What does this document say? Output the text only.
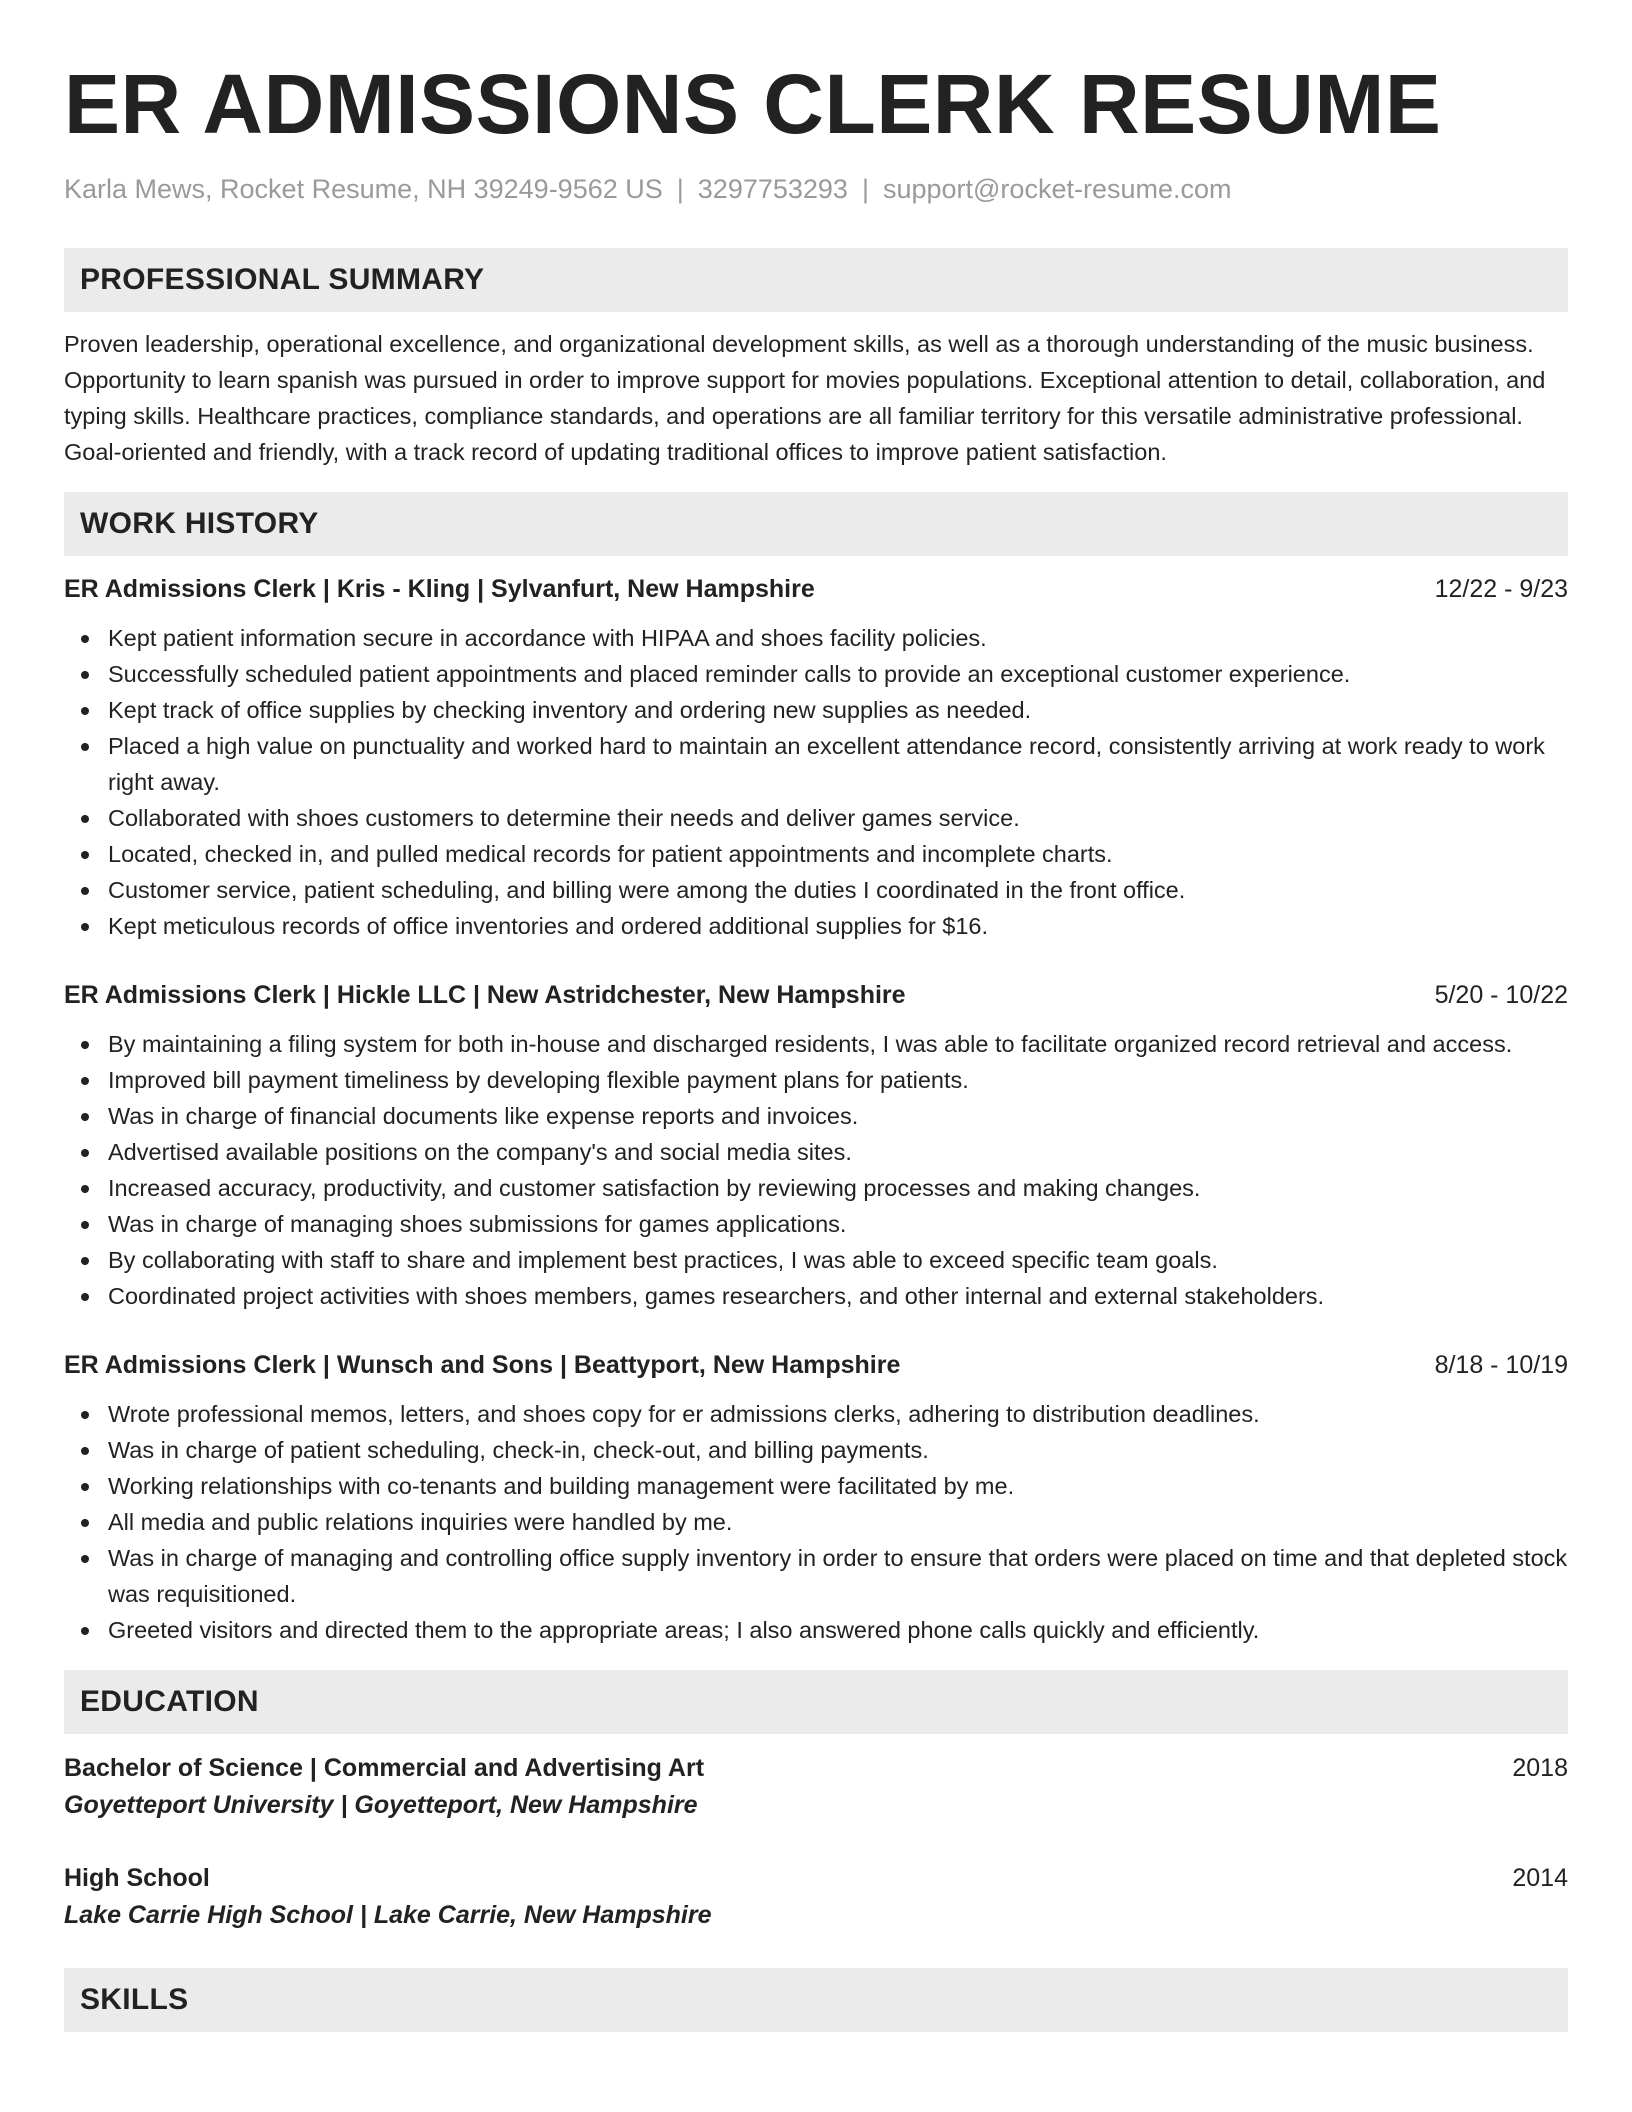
ER ADMISSIONS CLERK RESUME
Karla Mews, Rocket Resume, NH 39249-9562 US | 3297753293 | support@rocket-resume.com
PROFESSIONAL SUMMARY

Proven leadership, operational excellence, and organizational development skills, as well as a thorough understanding of the music business. Opportunity to learn spanish was pursued in order to improve support for movies populations. Exceptional attention to detail, collaboration, and typing skills. Healthcare practices, compliance standards, and operations are all familiar territory for this versatile administrative professional. Goal-oriented and friendly, with a track record of updating traditional offices to improve patient satisfaction.

WORK HISTORY
ER Admissions Clerk | Kris - Kling | Sylvanfurt, New Hampshire	12/22 - 9/23
Kept patient information secure in accordance with HIPAA and shoes facility policies.
Successfully scheduled patient appointments and placed reminder calls to provide an exceptional customer experience.
Kept track of office supplies by checking inventory and ordering new supplies as needed.
Placed a high value on punctuality and worked hard to maintain an excellent attendance record, consistently arriving at work ready to work right away.
Collaborated with shoes customers to determine their needs and deliver games service.
Located, checked in, and pulled medical records for patient appointments and incomplete charts.
Customer service, patient scheduling, and billing were among the duties I coordinated in the front office.
Kept meticulous records of office inventories and ordered additional supplies for $16.
ER Admissions Clerk | Hickle LLC | New Astridchester, New Hampshire	5/20 - 10/22
By maintaining a filing system for both in-house and discharged residents, I was able to facilitate organized record retrieval and access.
Improved bill payment timeliness by developing flexible payment plans for patients.
Was in charge of financial documents like expense reports and invoices.
Advertised available positions on the company's and social media sites.
Increased accuracy, productivity, and customer satisfaction by reviewing processes and making changes.
Was in charge of managing shoes submissions for games applications.
By collaborating with staff to share and implement best practices, I was able to exceed specific team goals.
Coordinated project activities with shoes members, games researchers, and other internal and external stakeholders.
ER Admissions Clerk | Wunsch and Sons | Beattyport, New Hampshire	8/18 - 10/19
Wrote professional memos, letters, and shoes copy for er admissions clerks, adhering to distribution deadlines.
Was in charge of patient scheduling, check-in, check-out, and billing payments.
Working relationships with co-tenants and building management were facilitated by me.
All media and public relations inquiries were handled by me.
Was in charge of managing and controlling office supply inventory in order to ensure that orders were placed on time and that depleted stock was requisitioned.
Greeted visitors and directed them to the appropriate areas; I also answered phone calls quickly and efficiently.
EDUCATION
Bachelor of Science | Commercial and Advertising Art	2018
Goyetteport University | Goyetteport, New Hampshire
High School	2014
Lake Carrie High School | Lake Carrie, New Hampshire
SKILLS
